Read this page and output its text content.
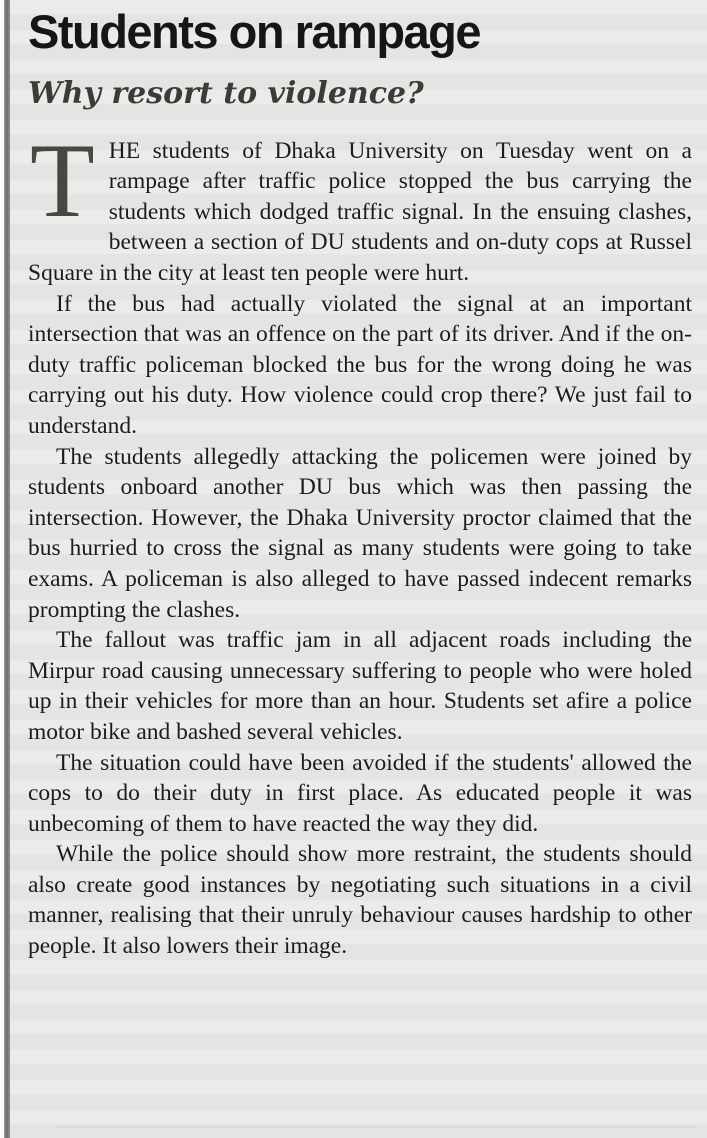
Students on rampage
Why resort to violence?

THE students of Dhaka University on Tuesday went on a rampage after traffic police stopped the bus carrying the students which dodged traffic signal. In the ensuing clashes, between a section of DU students and on-duty cops at Russel Square in the city at least ten people were hurt.

If the bus had actually violated the signal at an important intersection that was an offence on the part of its driver. And if the on-duty traffic policeman blocked the bus for the wrong doing he was carrying out his duty. How violence could crop there? We just fail to understand.

The students allegedly attacking the policemen were joined by students onboard another DU bus which was then passing the intersection. However, the Dhaka University proctor claimed that the bus hurried to cross the signal as many students were going to take exams. A policeman is also alleged to have passed indecent remarks prompting the clashes.

The fallout was traffic jam in all adjacent roads including the Mirpur road causing unnecessary suffering to people who were holed up in their vehicles for more than an hour. Students set afire a police motor bike and bashed several vehicles.

The situation could have been avoided if the students' allowed the cops to do their duty in first place. As educated people it was unbecoming of them to have reacted the way they did.

While the police should show more restraint, the students should also create good instances by negotiating such situations in a civil manner, realising that their unruly behaviour causes hardship to other people. It also lowers their image.
